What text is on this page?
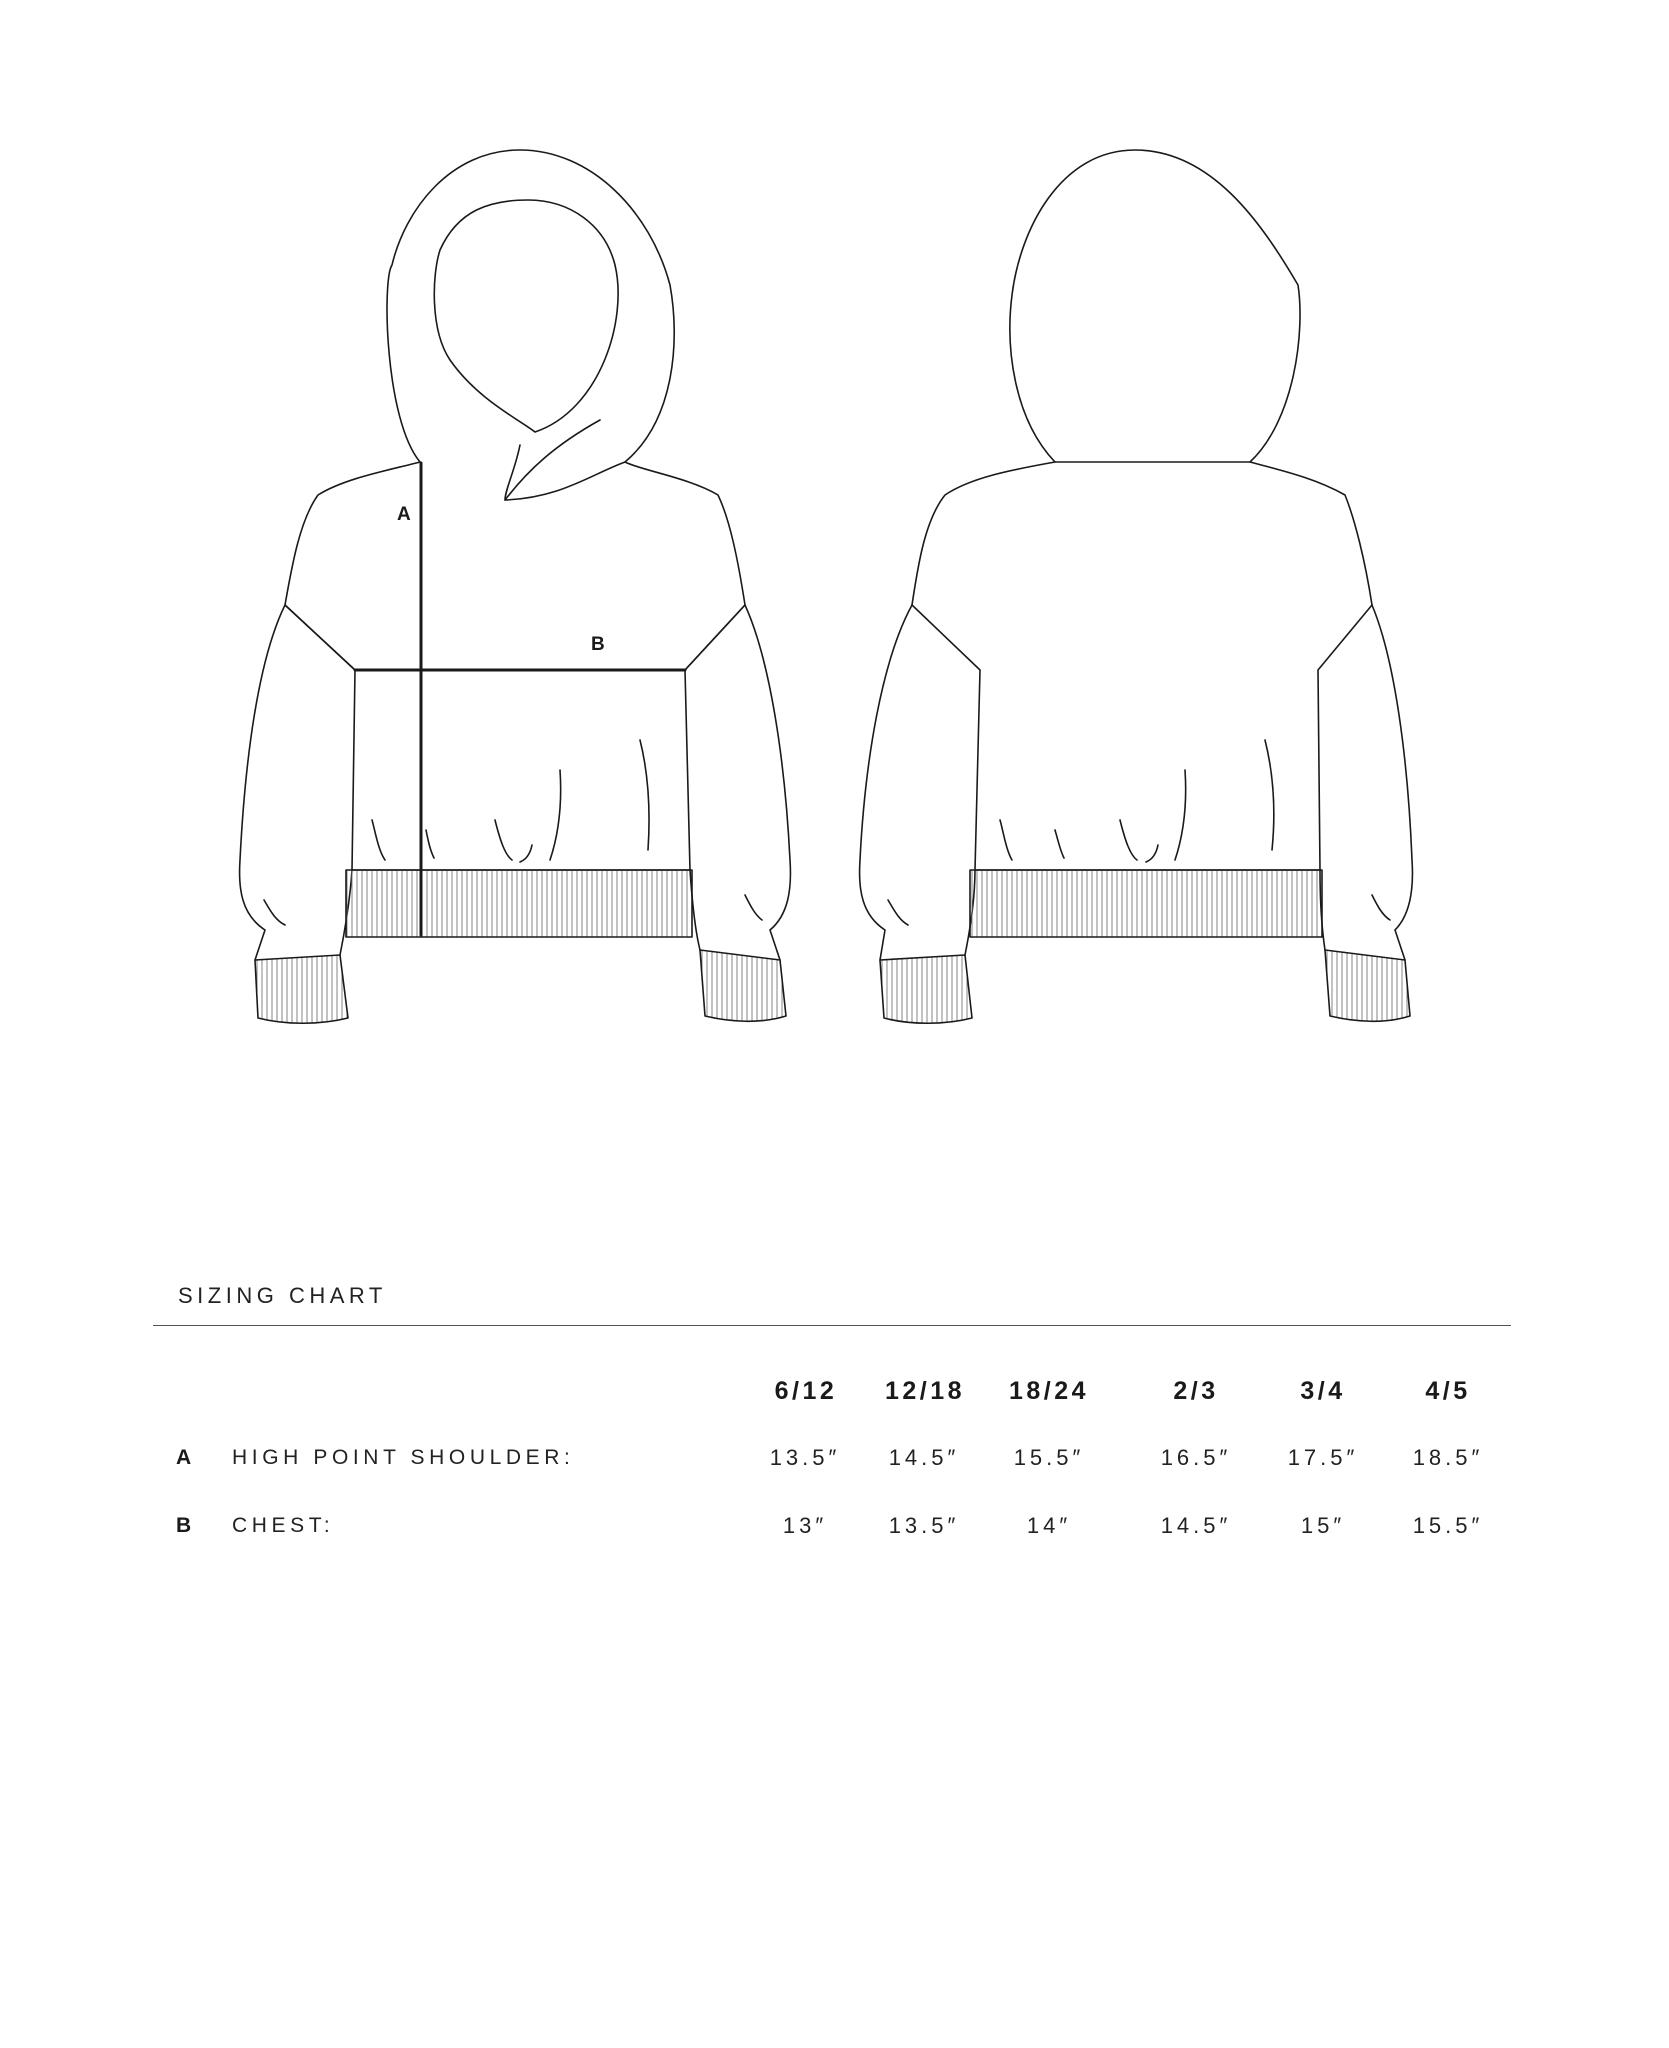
A
B
SIZING CHART
6/12	12/18	18/24	2/3	3/4	4/5
A HIGH POINT SHOULDER:	13.5″	14.5″	15.5″	16.5″	17.5″	18.5″
B CHEST:	13″	13.5″	14″	14.5″	15″	15.5″
